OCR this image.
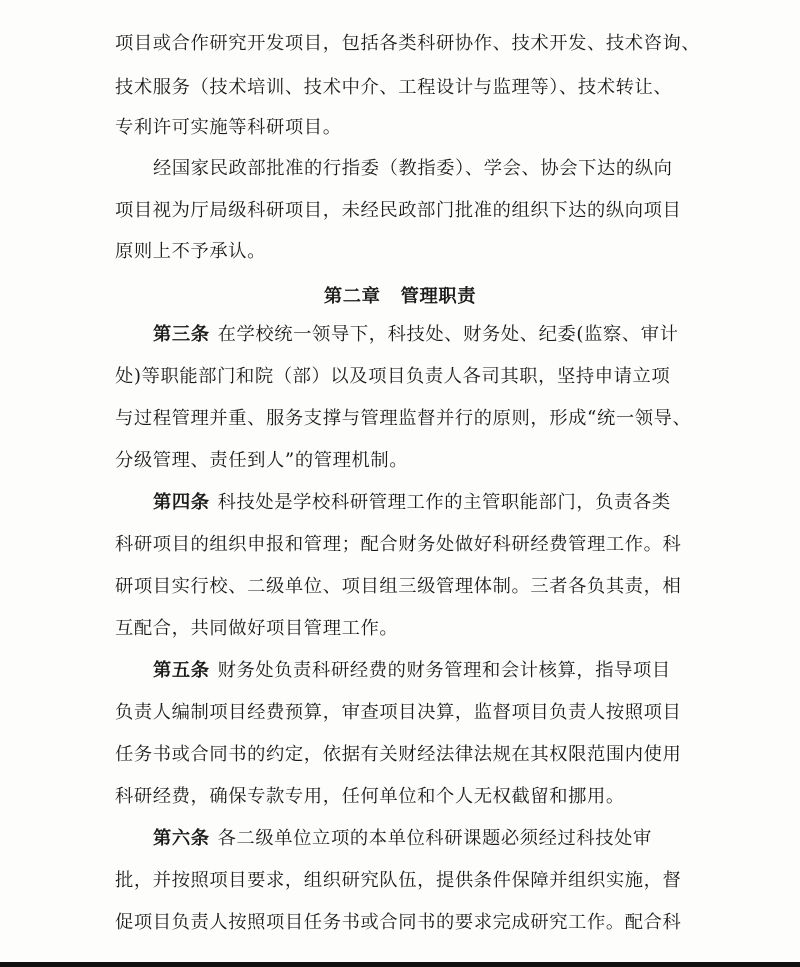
项目或合作研究开发项目，包括各类科研协作、技术开发、技术咨询、
技术服务（技术培训、技术中介、工程设计与监理等）、技术转让、
专利许可实施等科研项目。
经国家民政部批准的行指委（教指委）、学会、协会下达的纵向
项目视为厅局级科研项目，未经民政部门批准的组织下达的纵向项目
原则上不予承认。
第二章 管理职责
第三条 在学校统一领导下，科技处、财务处、纪委(监察、审计
处)等职能部门和院（部）以及项目负责人各司其职，坚持申请立项
与过程管理并重、服务支撑与管理监督并行的原则，形成“统一领导、
分级管理、责任到人”的管理机制。
第四条 科技处是学校科研管理工作的主管职能部门，负责各类
科研项目的组织申报和管理；配合财务处做好科研经费管理工作。科
研项目实行校、二级单位、项目组三级管理体制。三者各负其责，相
互配合，共同做好项目管理工作。
第五条 财务处负责科研经费的财务管理和会计核算，指导项目
负责人编制项目经费预算，审查项目决算，监督项目负责人按照项目
任务书或合同书的约定，依据有关财经法律法规在其权限范围内使用
科研经费，确保专款专用，任何单位和个人无权截留和挪用。
第六条 各二级单位立项的本单位科研课题必须经过科技处审
批，并按照项目要求，组织研究队伍，提供条件保障并组织实施，督
促项目负责人按照项目任务书或合同书的要求完成研究工作。配合科
